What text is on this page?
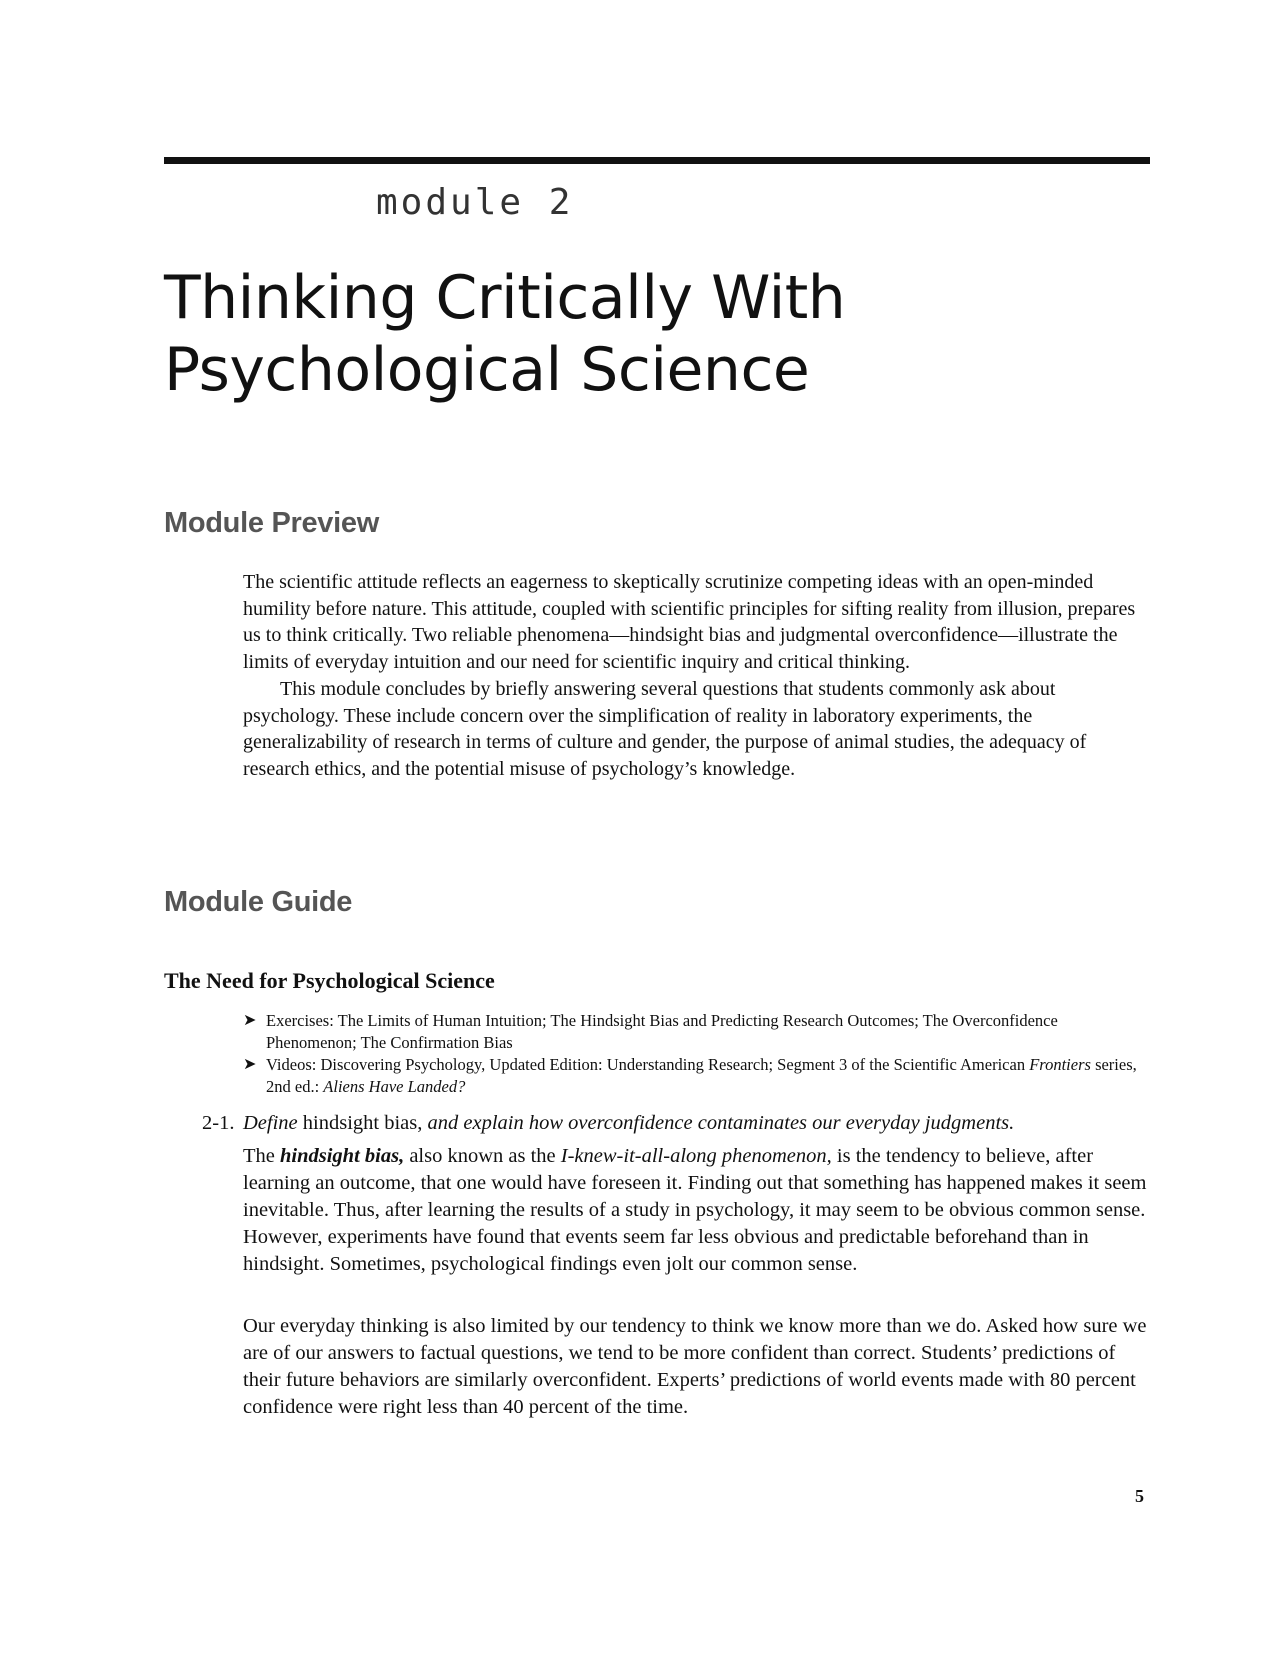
module 2
Thinking Critically With
Psychological Science
Module Preview

The scientific attitude reflects an eagerness to skeptically scrutinize competing ideas with an open-minded humility before nature. This attitude, coupled with scientific principles for sifting reality from illusion, prepares us to think critically. Two reliable phenomena—hindsight bias and judgmental overconfidence—illustrate the limits of everyday intuition and our need for scientific inquiry and critical thinking.

This module concludes by briefly answering several questions that students commonly ask about psychology. These include concern over the simplification of reality in laboratory experiments, the generalizability of research in terms of culture and gender, the purpose of animal studies, the adequacy of research ethics, and the potential misuse of psychology’s knowledge.

Module Guide
The Need for Psychological Science

➤ Exercises: The Limits of Human Intuition; The Hindsight Bias and Predicting Research Outcomes; The Overconfidence Phenomenon; The Confirmation Bias

➤ Videos: Discovering Psychology, Updated Edition: Understanding Research; Segment 3 of the Scientific American Frontiers series, 2nd ed.: Aliens Have Landed?

2-1. Define hindsight bias, and explain how overconfidence contaminates our everyday judgments.

The hindsight bias, also known as the I-knew-it-all-along phenomenon, is the tendency to believe, after learning an outcome, that one would have foreseen it. Finding out that something has happened makes it seem inevitable. Thus, after learning the results of a study in psychology, it may seem to be obvious common sense. However, experiments have found that events seem far less obvious and predictable beforehand than in hindsight. Sometimes, psychological findings even jolt our common sense.

Our everyday thinking is also limited by our tendency to think we know more than we do. Asked how sure we are of our answers to factual questions, we tend to be more confident than correct. Students’ predictions of their future behaviors are similarly overconfident. Experts’ predictions of world events made with 80 percent confidence were right less than 40 percent of the time.

5
